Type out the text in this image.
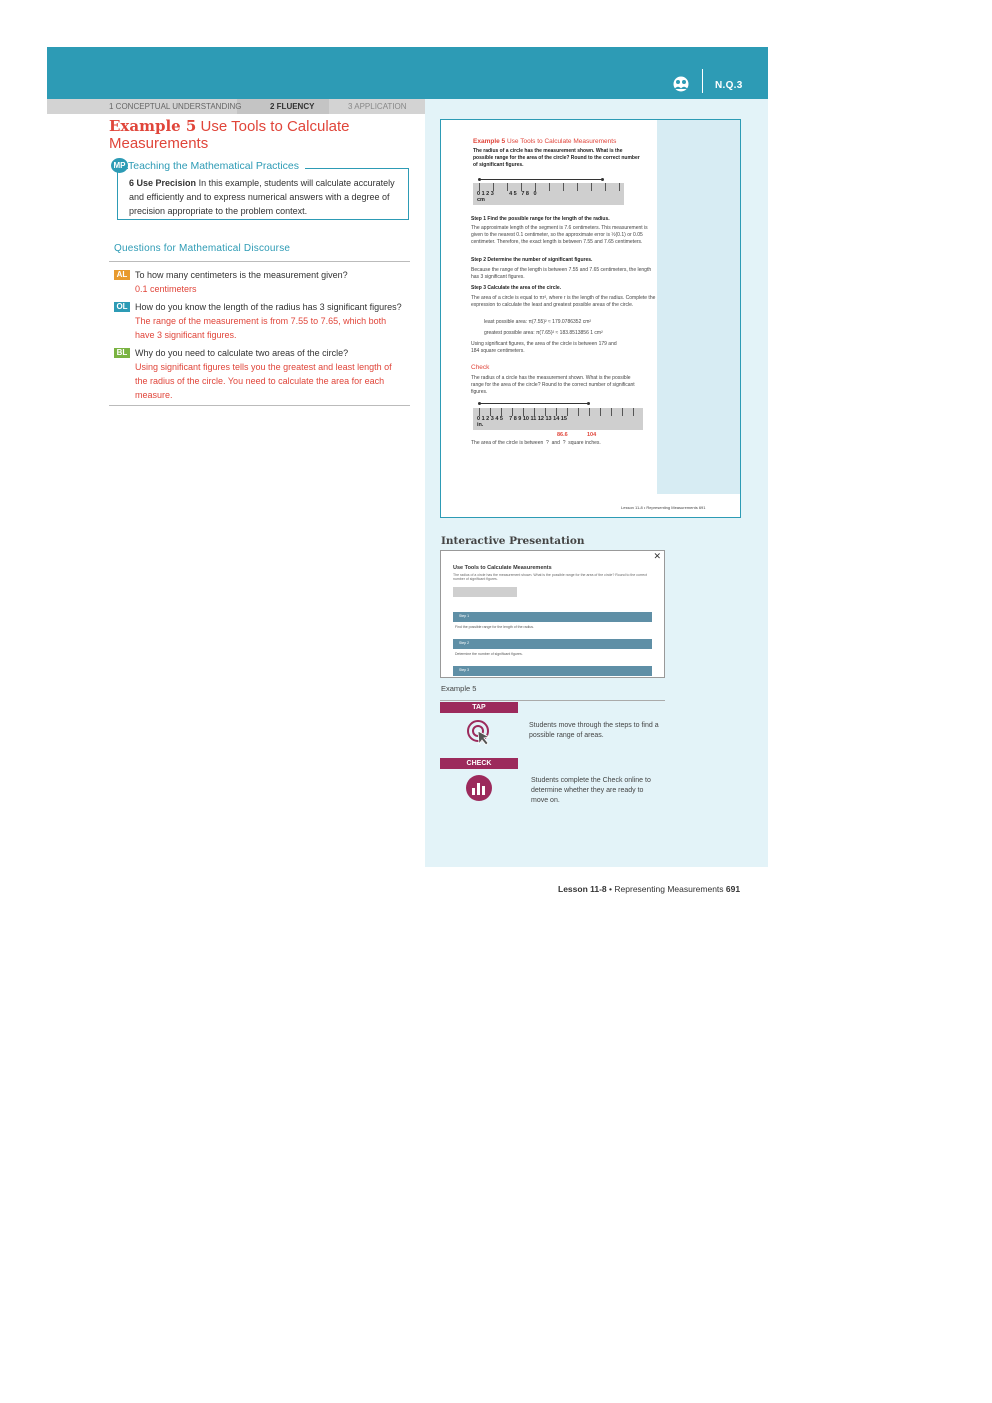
N.Q.3
1 CONCEPTUAL UNDERSTANDING	2 FLUENCY	3 APPLICATION
Example 5 Use Tools to Calculate Measurements
MP Teaching the Mathematical Practices
6 Use Precision In this example, students will calculate accurately and efficiently and to express numerical answers with a degree of precision appropriate to the problem context.
Questions for Mathematical Discourse
AL To how many centimeters is the measurement given?
0.1 centimeters
OL How do you know the length of the radius has 3 significant figures?
The range of the measurement is from 7.55 to 7.65, which both have 3 significant figures.
BL Why do you need to calculate two areas of the circle?
Using significant figures tells you the greatest and least length of the radius of the circle. You need to calculate the area for each measure.
Example 5 Use Tools to Calculate Measurements
The radius of a circle has the measurement shown. What is the possible range for the area of the circle? Round to the correct number of significant figures.
0 1 2 3          4 5   7 8   0
cm
Step 1 Find the possible range for the length of the radius.
The approximate length of the segment is 7.6 centimeters. This measurement is given to the nearest 0.1 centimeter, so the approximate error is ½(0.1) or 0.05 centimeter. Therefore, the exact length is between 7.55 and 7.65 centimeters.
Step 2 Determine the number of significant figures.
Because the range of the length is between 7.55 and 7.65 centimeters, the length has 3 significant figures.
Step 3 Calculate the area of the circle.
The area of a circle is equal to πr², where r is the length of the radius. Complete the expression to calculate the least and greatest possible areas of the circle.
least possible area: π(7.55)² ≈ 179.0786352 cm²
greatest possible area: π(7.65)² ≈ 183.8513856 1 cm²
Using significant figures, the area of the circle is between 179 and 184 square centimeters.
Check
The radius of a circle has the measurement shown. What is the possible range for the area of the circle? Round to the correct number of significant figures.
0 1 2 3 4 5    7 8 9 10 11 12 13 14 15
in.
86.6	104
The area of the circle is between  ?  and  ?  square inches.
Lesson 11-8 • Representing Measurements 691
Interactive Presentation
✕
Use Tools to Calculate Measurements
The radius of a circle has the measurement shown. What is the possible range for the area of the circle? Round to the correct number of significant figures.
Step 1
Find the possible range for the length of the radius.
Step 2
Determine the number of significant figures.
Step 3
Example 5
TAP
Students move through the steps to find a possible range of areas.
CHECK
Students complete the Check online to determine whether they are ready to move on.
Lesson 11-8 • Representing Measurements 691
